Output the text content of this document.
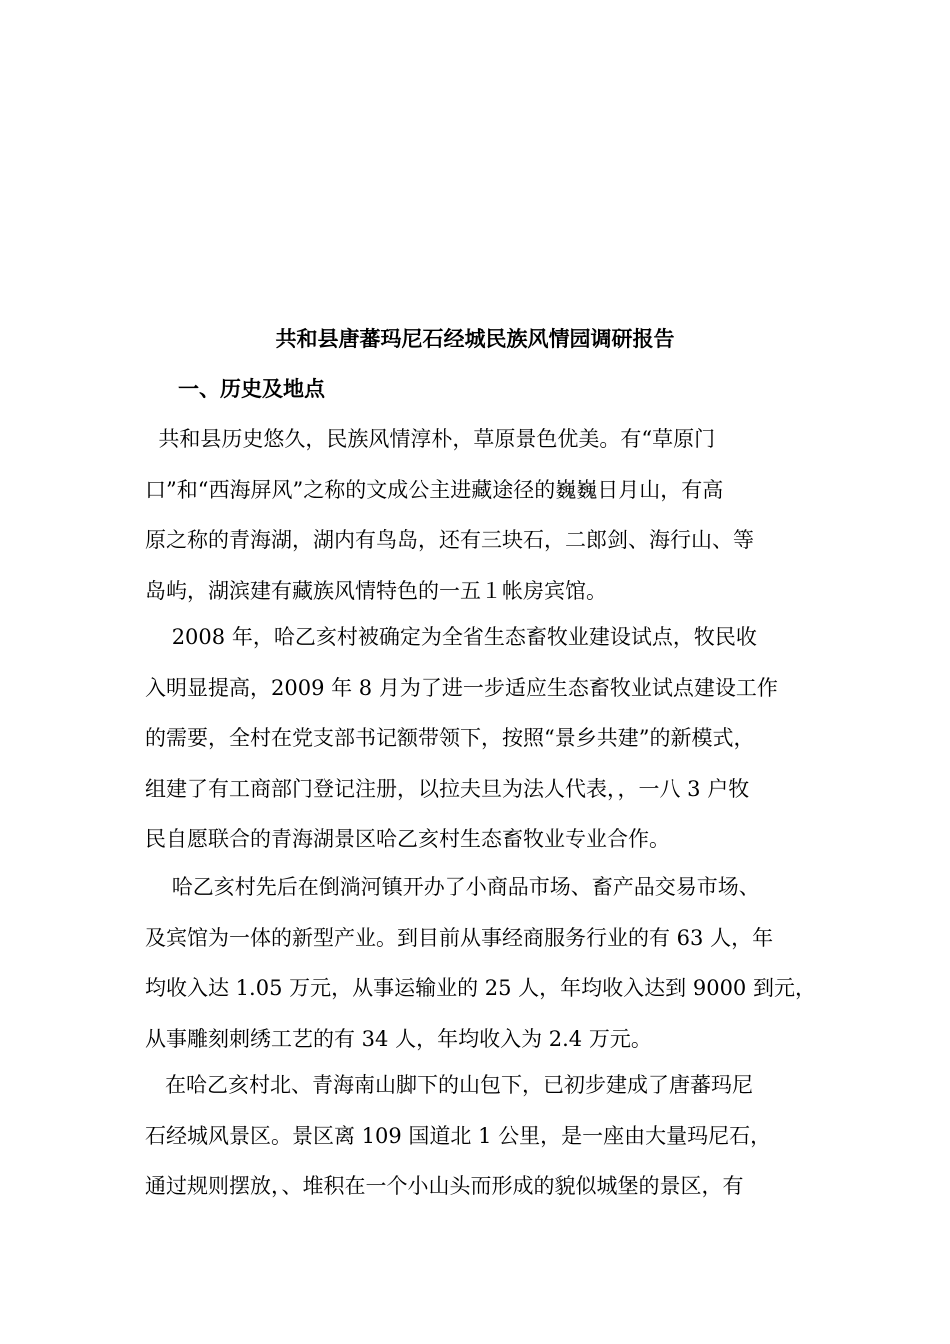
共和县唐蕃玛尼石经城民族风情园调研报告
一、历史及地点
共和县历史悠久，民族风情淳朴，草原景色优美。有“草原门
口”和“西海屏风”之称的文成公主进藏途径的巍巍日月山，有高
原之称的青海湖，湖内有鸟岛，还有三块石，二郎剑、海行山、等
岛屿，湖滨建有藏族风情特色的一五１帐房宾馆。
2008 年，哈乙亥村被确定为全省生态畜牧业建设试点，牧民收
入明显提高，2009 年 8 月为了进一步适应生态畜牧业试点建设工作
的需要，全村在党支部书记额带领下，按照“景乡共建”的新模式，
组建了有工商部门登记注册，以拉夫旦为法人代表，，一八 3 户牧
民自愿联合的青海湖景区哈乙亥村生态畜牧业专业合作。
哈乙亥村先后在倒淌河镇开办了小商品市场、畜产品交易市场、
及宾馆为一体的新型产业。到目前从事经商服务行业的有 63 人，年
均收入达 1.05 万元，从事运输业的 25 人，年均收入达到 9000 到元，
从事雕刻刺绣工艺的有 34 人，年均收入为 2.4 万元。
在哈乙亥村北、青海南山脚下的山包下，已初步建成了唐蕃玛尼
石经城风景区。景区离 109 国道北 1 公里，是一座由大量玛尼石，
通过规则摆放，、堆积在一个小山头而形成的貌似城堡的景区，有
